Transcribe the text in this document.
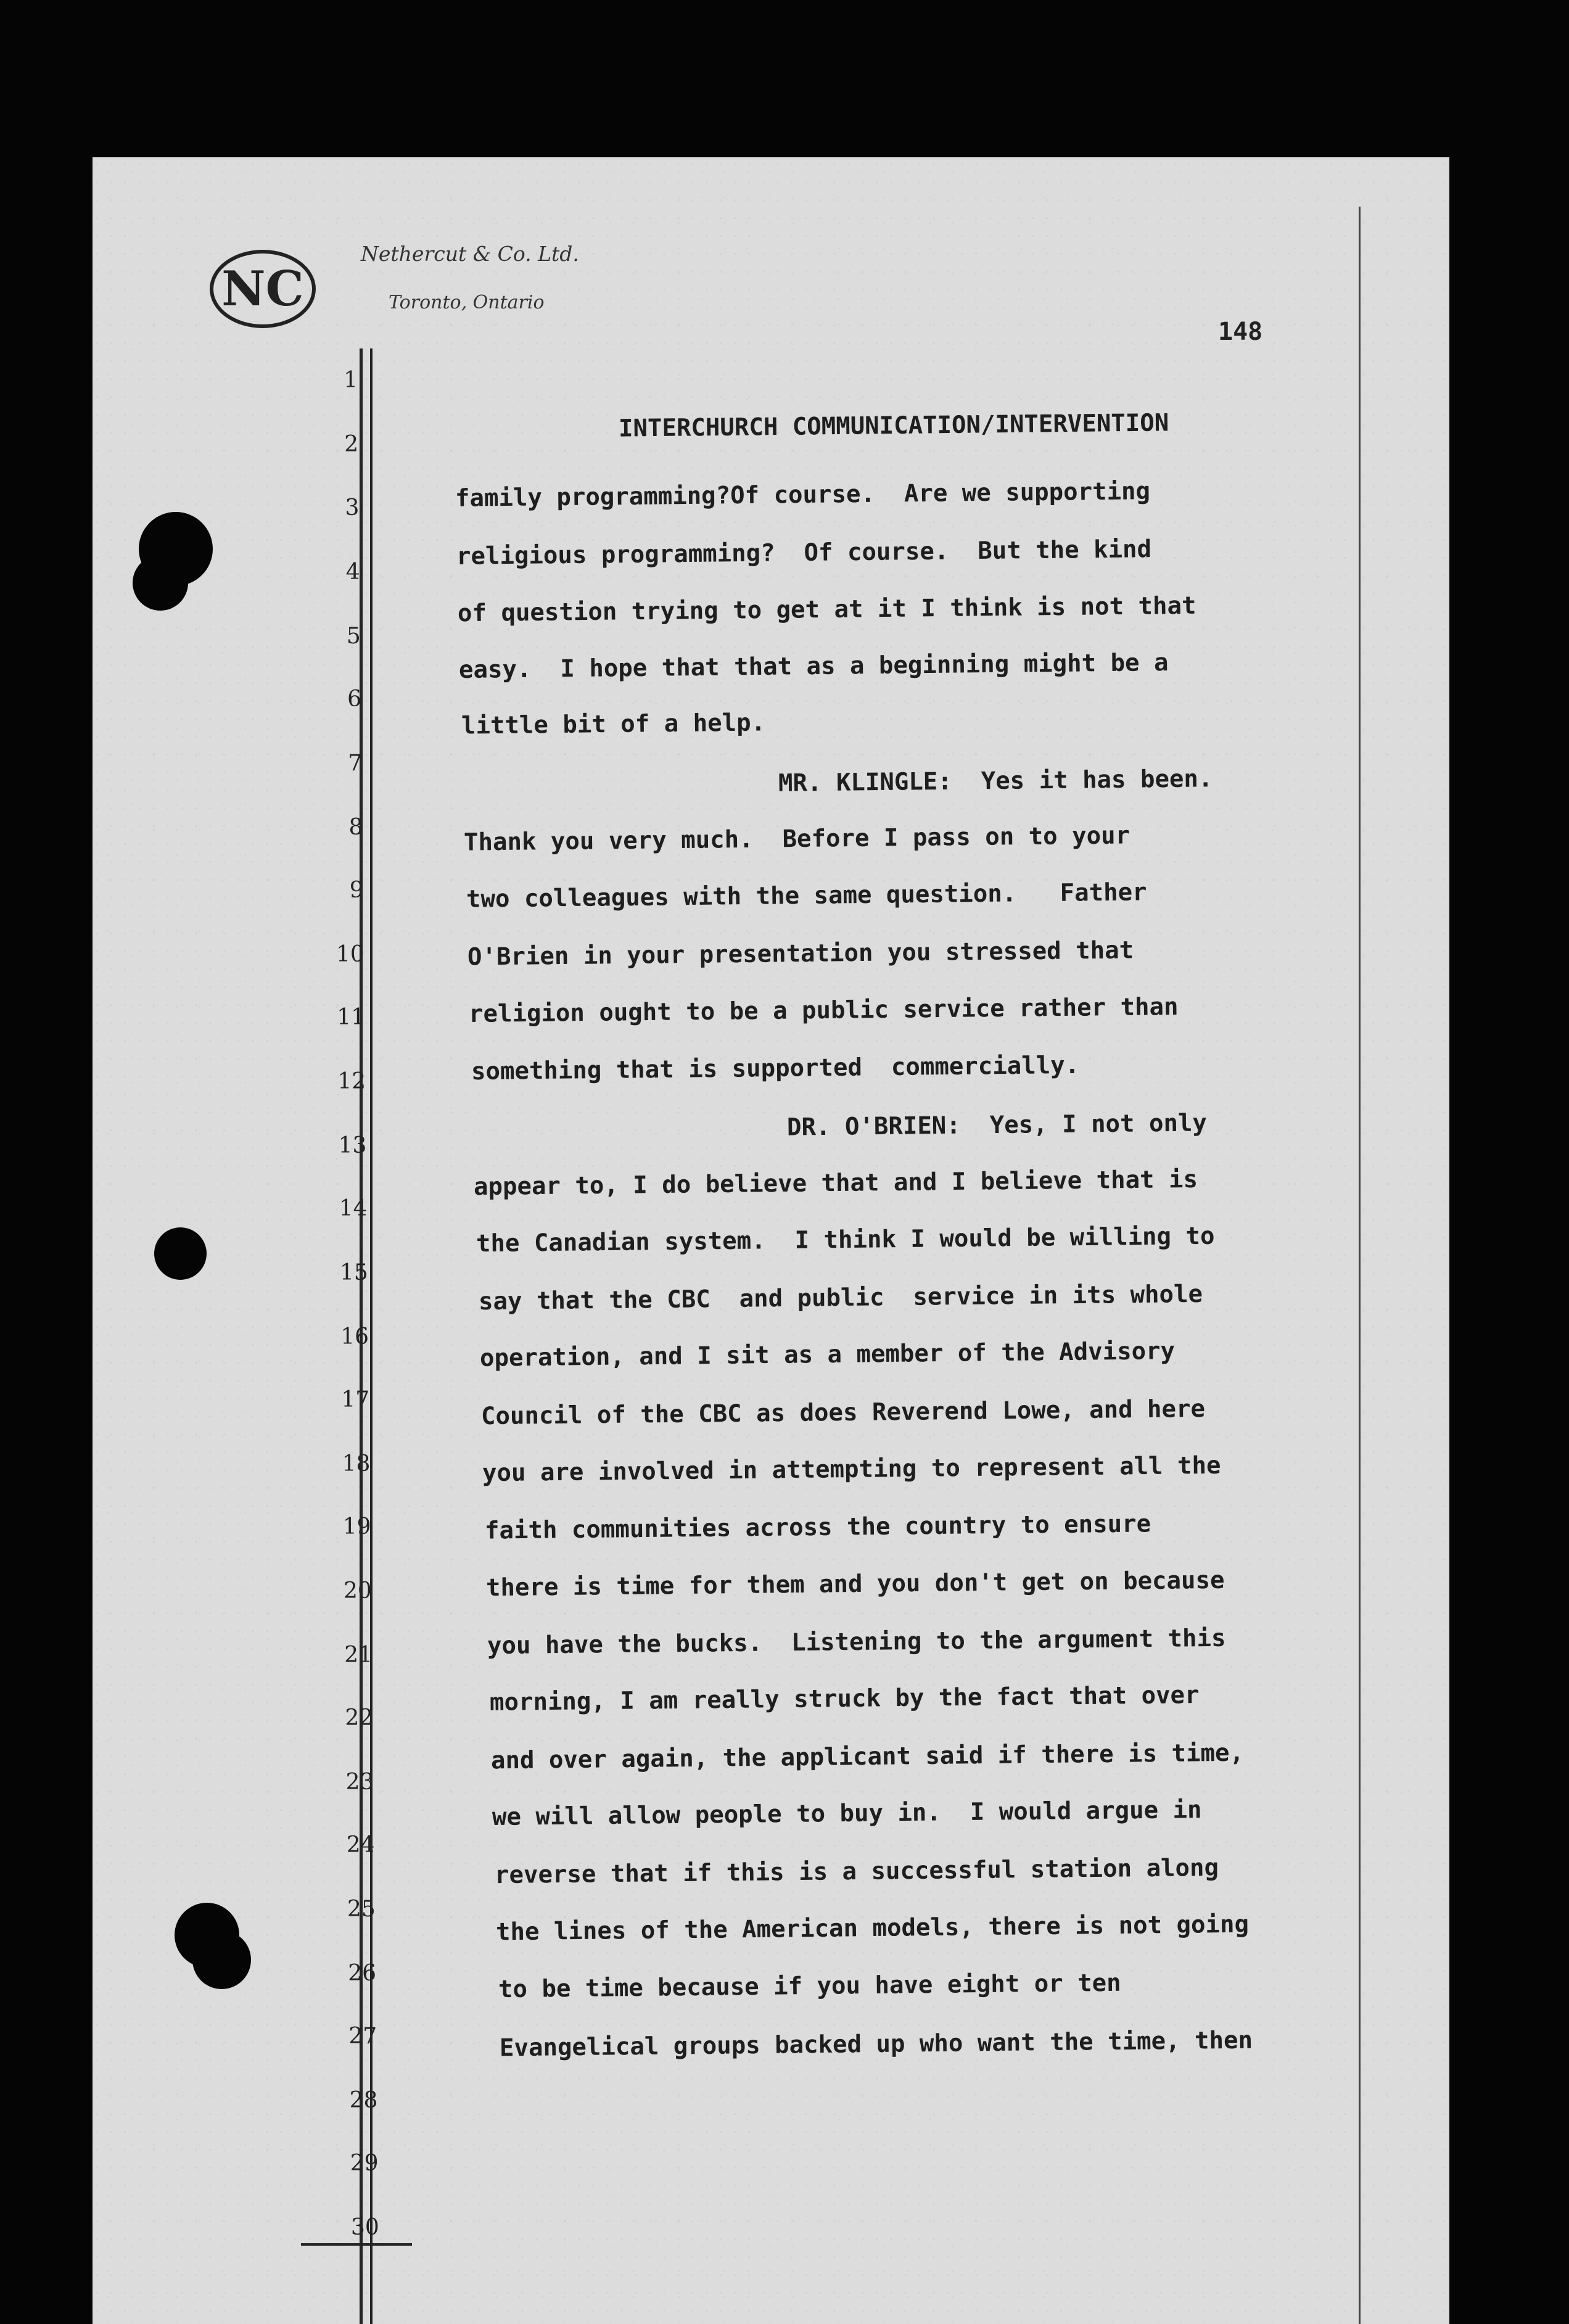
NC
Nethercut & Co. Ltd.
Toronto, Ontario
148
1
2
3
4
5
6
7
8
9
10
11
12
13
14
15
16
17
18
19
20
21
22
23
24
25
26
27
28
29
30
INTERCHURCH COMMUNICATION/INTERVENTION
family programming?Of course.  Are we supporting
religious programming?  Of course.  But the kind
of question trying to get at it I think is not that
easy.  I hope that that as a beginning might be a
little bit of a help.
MR. KLINGLE:  Yes it has been.
Thank you very much.  Before I pass on to your
two colleagues with the same question.   Father
O'Brien in your presentation you stressed that
religion ought to be a public service rather than
something that is supported  commercially.
DR. O'BRIEN:  Yes, I not only
appear to, I do believe that and I believe that is
the Canadian system.  I think I would be willing to
say that the CBC  and public  service in its whole
operation, and I sit as a member of the Advisory
Council of the CBC as does Reverend Lowe, and here
you are involved in attempting to represent all the
faith communities across the country to ensure
there is time for them and you don't get on because
you have the bucks.  Listening to the argument this
morning, I am really struck by the fact that over
and over again, the applicant said if there is time,
we will allow people to buy in.  I would argue in
reverse that if this is a successful station along
the lines of the American models, there is not going
to be time because if you have eight or ten
Evangelical groups backed up who want the time, then
